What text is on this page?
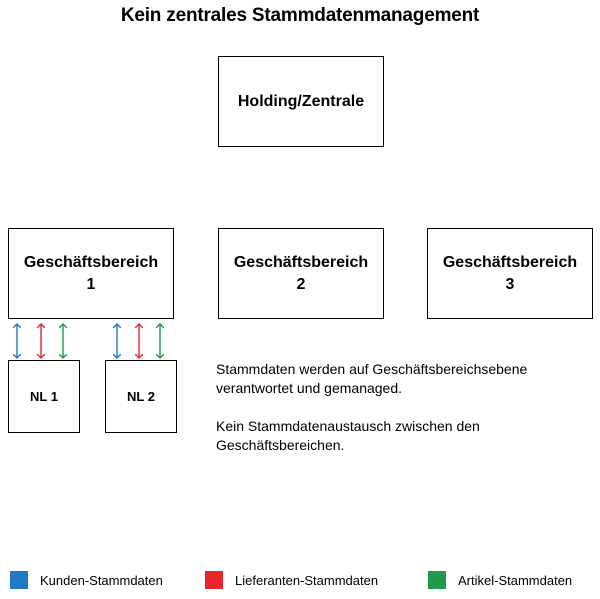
Kein zentrales Stammdatenmanagement
Holding/Zentrale
Geschäftsbereich
1
Geschäftsbereich
2
Geschäftsbereich
3
NL 1	NL 2

Stammdaten werden auf Geschäftsbereichsebene verantwortet und gemanaged.

Kein Stammdatenaustausch zwischen den Geschäftsbereichen.

Kunden-Stammdaten	Lieferanten-Stammdaten	Artikel-Stammdaten
